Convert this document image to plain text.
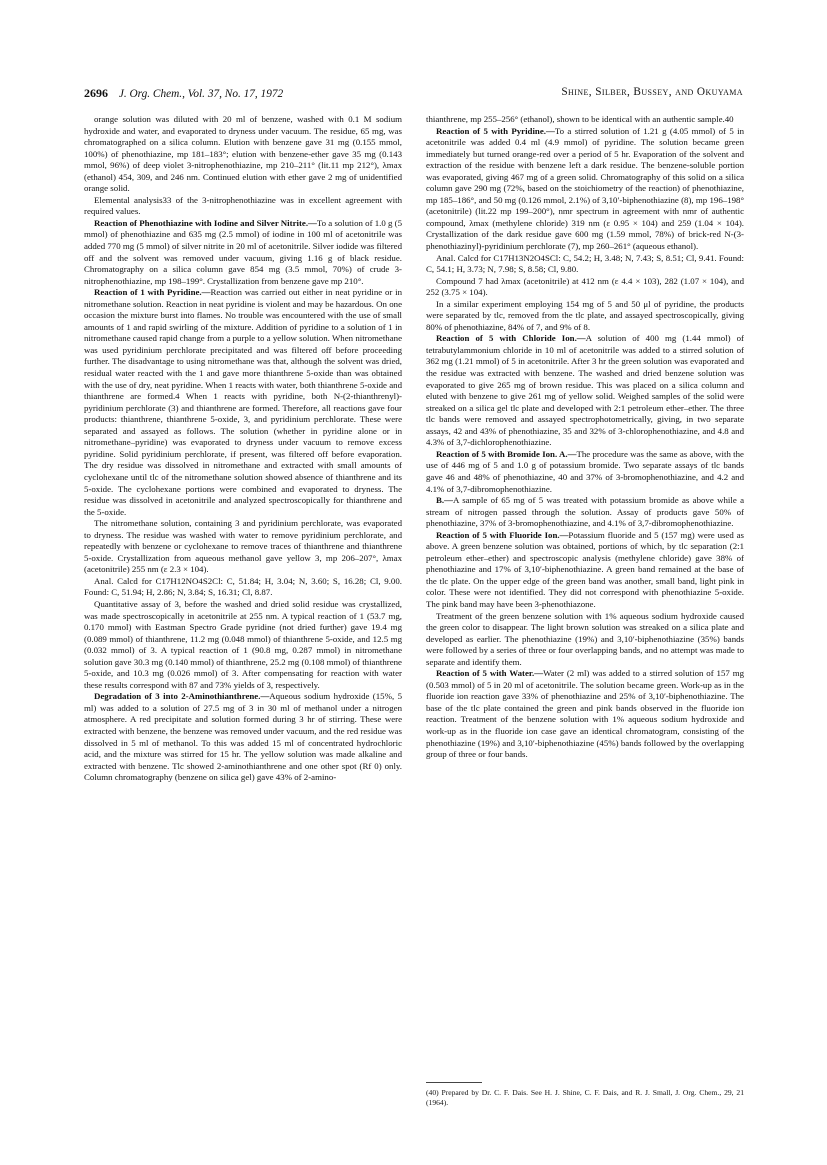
2696 J. Org. Chem., Vol. 37, No. 17, 1972	Shine, Silber, Bussey, and Okuyama

orange solution was diluted with 20 ml of benzene, washed with 0.1 M sodium hydroxide and water, and evaporated to dryness under vacuum. The residue, 65 mg, was chromatographed on a silica column. Elution with benzene gave 31 mg (0.155 mmol, 100%) of phenothiazine, mp 181–183°; elution with benzene-ether gave 35 mg (0.143 mmol, 96%) of deep violet 3-nitrophenothiazine, mp 210–211° (lit.11 mp 212°), λmax (ethanol) 454, 309, and 246 nm. Continued elution with ether gave 2 mg of unidentified orange solid.

Elemental analysis33 of the 3-nitrophenothiazine was in excellent agreement with required values.

Reaction of Phenothiazine with Iodine and Silver Nitrite.—To a solution of 1.0 g (5 mmol) of phenothiazine and 635 mg (2.5 mmol) of iodine in 100 ml of acetonitrile was added 770 mg (5 mmol) of silver nitrite in 20 ml of acetonitrile. Silver iodide was filtered off and the solvent was removed under vacuum, giving 1.16 g of black residue. Chromatography on a silica column gave 854 mg (3.5 mmol, 70%) of crude 3-nitrophenothiazine, mp 198–199°. Crystallization from benzene gave mp 210°.

Reaction of 1 with Pyridine.—Reaction was carried out either in neat pyridine or in nitromethane solution. Reaction in neat pyridine is violent and may be hazardous. On one occasion the mixture burst into flames. No trouble was encountered with the use of small amounts of 1 and rapid swirling of the mixture. Addition of pyridine to a solution of 1 in nitromethane caused rapid change from a purple to a yellow solution. When nitromethane was used pyridinium perchlorate precipitated and was filtered off before proceeding further. The disadvantage to using nitromethane was that, although the solvent was dried, residual water reacted with the 1 and gave more thianthrene 5-oxide than was obtained with the use of dry, neat pyridine. When 1 reacts with water, both thianthrene 5-oxide and thianthrene are formed.4 When 1 reacts with pyridine, both N-(2-thianthrenyl)-pyridinium perchlorate (3) and thianthrene are formed. Therefore, all reactions gave four products: thianthrene, thianthrene 5-oxide, 3, and pyridinium perchlorate. These were separated and assayed as follows. The solution (whether in pyridine alone or in nitromethane–pyridine) was evaporated to dryness under vacuum to remove excess pyridine. Solid pyridinium perchlorate, if present, was filtered off before evaporation. The dry residue was dissolved in nitromethane and extracted with small amounts of cyclohexane until tlc of the nitromethane solution showed absence of thianthrene and its 5-oxide. The cyclohexane portions were combined and evaporated to dryness. The residue was dissolved in acetonitrile and analyzed spectroscopically for thianthrene and the 5-oxide.

The nitromethane solution, containing 3 and pyridinium perchlorate, was evaporated to dryness. The residue was washed with water to remove pyridinium perchlorate, and repeatedly with benzene or cyclohexane to remove traces of thianthrene and thianthrene 5-oxide. Crystallization from aqueous methanol gave yellow 3, mp 206–207°, λmax (acetonitrile) 255 nm (ε 2.3 × 104).

Anal. Calcd for C17H12NO4S2Cl: C, 51.84; H, 3.04; N, 3.60; S, 16.28; Cl, 9.00. Found: C, 51.94; H, 2.86; N, 3.84; S, 16.31; Cl, 8.87.

Quantitative assay of 3, before the washed and dried solid residue was crystallized, was made spectroscopically in acetonitrile at 255 nm. A typical reaction of 1 (53.7 mg, 0.170 mmol) with Eastman Spectro Grade pyridine (not dried further) gave 19.4 mg (0.089 mmol) of thianthrene, 11.2 mg (0.048 mmol) of thianthrene 5-oxide, and 12.5 mg (0.032 mmol) of 3. A typical reaction of 1 (90.8 mg, 0.287 mmol) in nitromethane solution gave 30.3 mg (0.140 mmol) of thianthrene, 25.2 mg (0.108 mmol) of thianthrene 5-oxide, and 10.3 mg (0.026 mmol) of 3. After compensating for reaction with water these results correspond with 87 and 73% yields of 3, respectively.

Degradation of 3 into 2-Aminothianthrene.—Aqueous sodium hydroxide (15%, 5 ml) was added to a solution of 27.5 mg of 3 in 30 ml of methanol under a nitrogen atmosphere. A red precipitate and solution formed during 3 hr of stirring. These were extracted with benzene, the benzene was removed under vacuum, and the red residue was dissolved in 5 ml of methanol. To this was added 15 ml of concentrated hydrochloric acid, and the mixture was stirred for 15 hr. The yellow solution was made alkaline and extracted with benzene. Tlc showed 2-aminothianthrene and one other spot (Rf 0) only. Column chromatography (benzene on silica gel) gave 43% of 2-amino-

thianthrene, mp 255–256° (ethanol), shown to be identical with an authentic sample.40

Reaction of 5 with Pyridine.—To a stirred solution of 1.21 g (4.05 mmol) of 5 in acetonitrile was added 0.4 ml (4.9 mmol) of pyridine. The solution became green immediately but turned orange-red over a period of 5 hr. Evaporation of the solvent and extraction of the residue with benzene left a dark residue. The benzene-soluble portion was evaporated, giving 467 mg of a green solid. Chromatography of this solid on a silica column gave 290 mg (72%, based on the stoichiometry of the reaction) of phenothiazine, mp 185–186°, and 50 mg (0.126 mmol, 2.1%) of 3,10′-biphenothiazine (8), mp 196–198° (acetonitrile) (lit.22 mp 199–200°), nmr spectrum in agreement with nmr of authentic compound, λmax (methylene chloride) 319 nm (ε 0.95 × 104) and 259 (1.04 × 104). Crystallization of the dark residue gave 600 mg (1.59 mmol, 78%) of brick-red N-(3-phenothiazinyl)-pyridinium perchlorate (7), mp 260–261° (aqueous ethanol).

Anal. Calcd for C17H13N2O4SCl: C, 54.2; H, 3.48; N, 7.43; S, 8.51; Cl, 9.41. Found: C, 54.1; H, 3.73; N, 7.98; S, 8.58; Cl, 9.80.

Compound 7 had λmax (acetonitrile) at 412 nm (ε 4.4 × 103), 282 (1.07 × 104), and 252 (3.75 × 104).

In a similar experiment employing 154 mg of 5 and 50 μl of pyridine, the products were separated by tlc, removed from the tlc plate, and assayed spectroscopically, giving 80% of phenothiazine, 84% of 7, and 9% of 8.

Reaction of 5 with Chloride Ion.—A solution of 400 mg (1.44 mmol) of tetrabutylammonium chloride in 10 ml of acetonitrile was added to a stirred solution of 362 mg (1.21 mmol) of 5 in acetonitrile. After 3 hr the green solution was evaporated and the residue was extracted with benzene. The washed and dried benzene solution was evaporated to give 265 mg of brown residue. This was placed on a silica column and eluted with benzene to give 261 mg of yellow solid. Weighed samples of the solid were streaked on a silica gel tlc plate and developed with 2:1 petroleum ether–ether. The three tlc bands were removed and assayed spectrophotometrically, giving, in two separate assays, 42 and 43% of phenothiazine, 35 and 32% of 3-chlorophenothiazine, and 4.8 and 4.3% of 3,7-dichlorophenothiazine.

Reaction of 5 with Bromide Ion. A.—The procedure was the same as above, with the use of 446 mg of 5 and 1.0 g of potassium bromide. Two separate assays of tlc bands gave 46 and 48% of phenothiazine, 40 and 37% of 3-bromophenothiazine, and 4.2 and 4.1% of 3,7-dibromophenothiazine.

B.—A sample of 65 mg of 5 was treated with potassium bromide as above while a stream of nitrogen passed through the solution. Assay of products gave 50% of phenothiazine, 37% of 3-bromophenothiazine, and 4.1% of 3,7-dibromophenothiazine.

Reaction of 5 with Fluoride Ion.—Potassium fluoride and 5 (157 mg) were used as above. A green benzene solution was obtained, portions of which, by tlc separation (2:1 petroleum ether–ether) and spectroscopic analysis (methylene chloride) gave 38% of phenothiazine and 17% of 3,10′-biphenothiazine. A green band remained at the base of the tlc plate. On the upper edge of the green band was another, small band, light pink in color. These were not identified. They did not correspond with phenothiazine 5-oxide. The pink band may have been 3-phenothiazone.

Treatment of the green benzene solution with 1% aqueous sodium hydroxide caused the green color to disappear. The light brown solution was streaked on a silica plate and developed as earlier. The phenothiazine (19%) and 3,10′-biphenothiazine (35%) bands were followed by a series of three or four overlapping bands, and no attempt was made to separate and identify them.

Reaction of 5 with Water.—Water (2 ml) was added to a stirred solution of 157 mg (0.503 mmol) of 5 in 20 ml of acetonitrile. The solution became green. Work-up as in the fluoride ion reaction gave 33% of phenothiazine and 25% of 3,10′-biphenothiazine. The base of the tlc plate contained the green and pink bands observed in the fluoride ion reaction. Treatment of the benzene solution with 1% aqueous sodium hydroxide and work-up as in the fluoride ion case gave an identical chromatogram, consisting of the phenothiazine (19%) and 3,10′-biphenothiazine (45%) bands followed by the overlapping group of three or four bands.

(40) Prepared by Dr. C. F. Dais. See H. J. Shine, C. F. Dais, and R. J. Small, J. Org. Chem., 29, 21 (1964).
